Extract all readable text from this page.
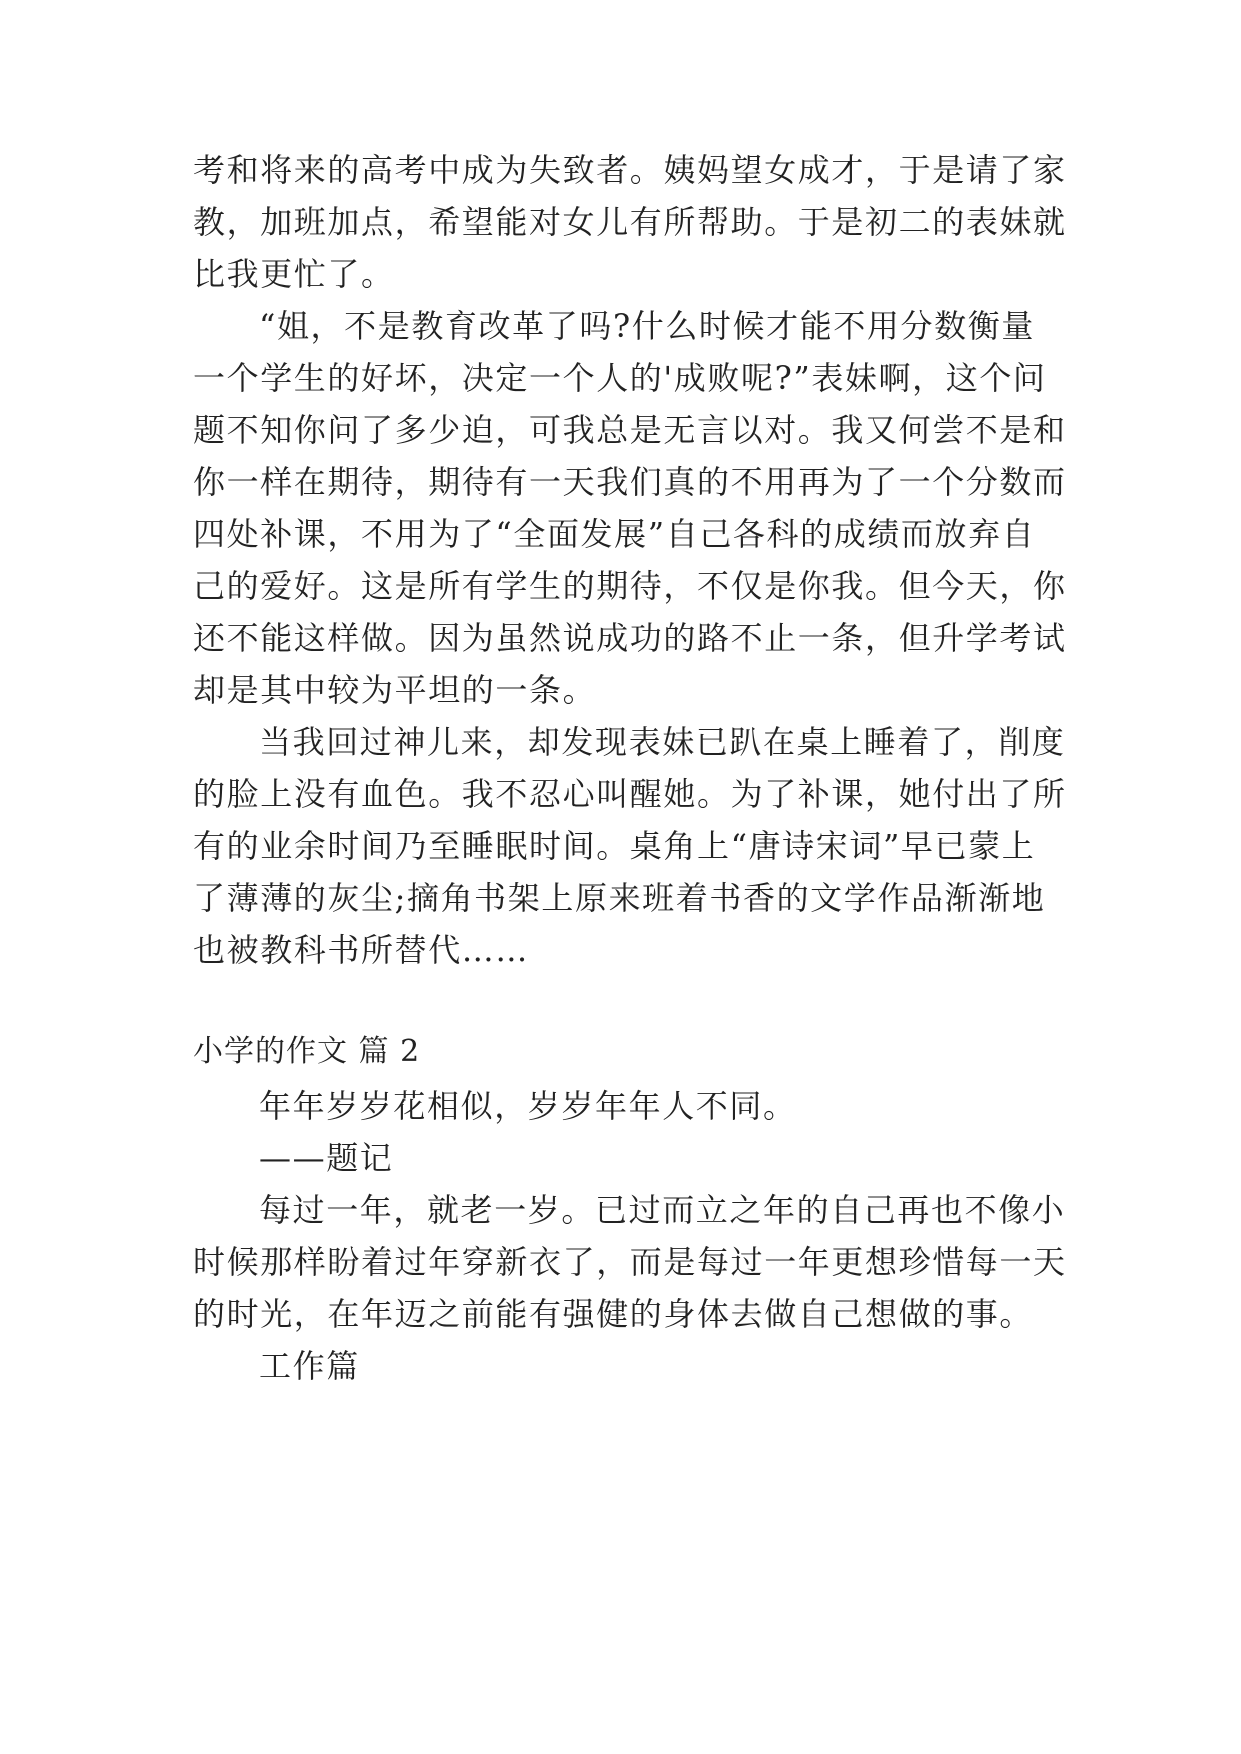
考和将来的高考中成为失致者。姨妈望女成才，于是请了家
教，加班加点，希望能对女儿有所帮助。于是初二的表妹就
比我更忙了。
“姐，不是教育改革了吗?什么时候才能不用分数衡量
一个学生的好坏，决定一个人的'成败呢?”表妹啊，这个问
题不知你问了多少迫，可我总是无言以对。我又何尝不是和
你一样在期待，期待有一天我们真的不用再为了一个分数而
四处补课，不用为了“全面发展”自己各科的成绩而放弃自
己的爱好。这是所有学生的期待，不仅是你我。但今天，你
还不能这样做。因为虽然说成功的路不止一条，但升学考试
却是其中较为平坦的一条。
当我回过神儿来，却发现表妹已趴在桌上睡着了，削度
的脸上没有血色。我不忍心叫醒她。为了补课，她付出了所
有的业余时间乃至睡眠时间。桌角上“唐诗宋词”早已蒙上
了薄薄的灰尘;摘角书架上原来班着书香的文学作品渐渐地
也被教科书所替代……
小学的作文 篇 2
年年岁岁花相似，岁岁年年人不同。
——题记
每过一年，就老一岁。已过而立之年的自己再也不像小
时候那样盼着过年穿新衣了，而是每过一年更想珍惜每一天
的时光，在年迈之前能有强健的身体去做自己想做的事。
工作篇
